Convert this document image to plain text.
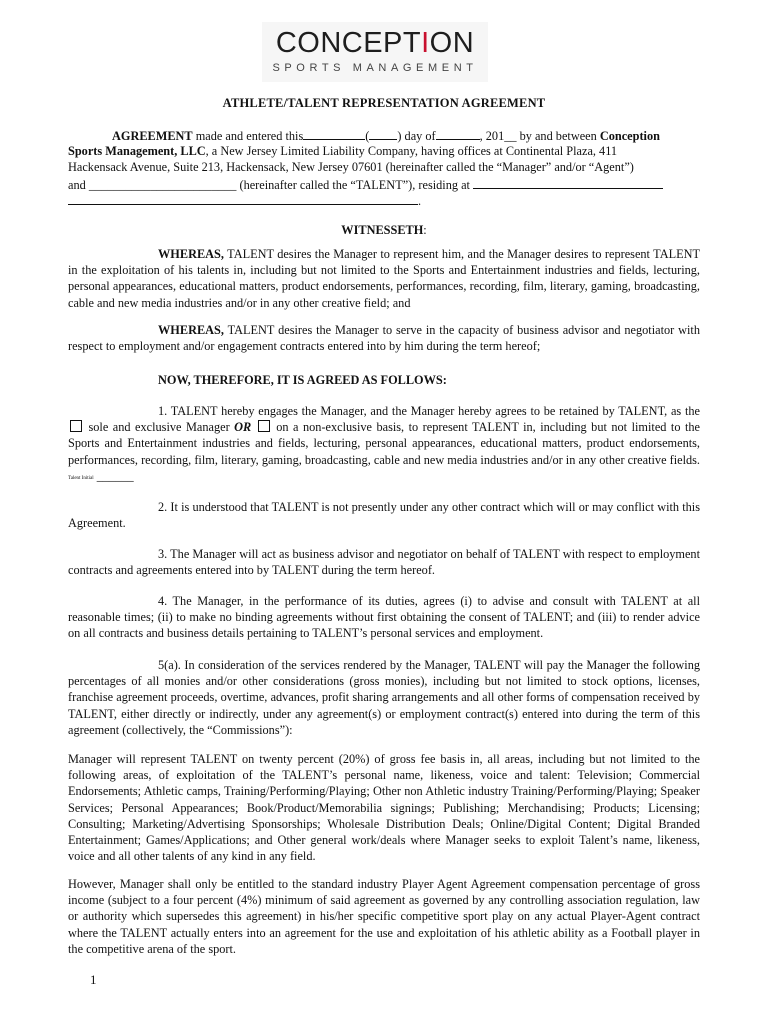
CONCEPTION
SPORTS MANAGEMENT
ATHLETE/TALENT REPRESENTATION AGREEMENT
AGREEMENT made and entered this	( ) day of	, 201__ by and between Conception
Sports Management, LLC, a New Jersey Limited Liability Company, having offices at Continental Plaza, 411
Hackensack Avenue, Suite 213, Hackensack, New Jersey 07601 (hereinafter called the “Manager” and/or “Agent”)
and ________________________ (hereinafter called the “TALENT”), residing at
.
WITNESSETH:
WHEREAS, TALENT desires the Manager to represent him, and the Manager desires to represent TALENT in the exploitation of his talents in, including but not limited to the Sports and Entertainment industries and fields, lecturing, personal appearances, educational matters, product endorsements, performances, recording, film, literary, gaming, broadcasting, cable and new media industries and/or in any other creative field; and
WHEREAS, TALENT desires the Manager to serve in the capacity of business advisor and negotiator with respect to employment and/or engagement contracts entered into by him during the term hereof;
NOW, THEREFORE, IT IS AGREED AS FOLLOWS:
1. TALENT hereby engages the Manager, and the Manager hereby agrees to be retained by TALENT, as the  sole and exclusive Manager OR  on a non-exclusive basis, to represent TALENT in, including but not limited to the Sports and Entertainment industries and fields, lecturing, personal appearances, educational matters, product endorsements, performances, recording, film, literary, gaming, broadcasting, cable and new media industries and/or in any other creative fields. Talent Initial ______
2. It is understood that TALENT is not presently under any other contract which will or may conflict with this Agreement.
3. The Manager will act as business advisor and negotiator on behalf of TALENT with respect to employment contracts and agreements entered into by TALENT during the term hereof.
4. The Manager, in the performance of its duties, agrees (i) to advise and consult with TALENT at all reasonable times; (ii) to make no binding agreements without first obtaining the consent of TALENT; and (iii) to render advice on all contracts and business details pertaining to TALENT’s personal services and employment.
5(a). In consideration of the services rendered by the Manager, TALENT will pay the Manager the following percentages of all monies and/or other considerations (gross monies), including but not limited to stock options, licenses, franchise agreement proceeds, overtime, advances, profit sharing arrangements and all other forms of compensation received by TALENT, either directly or indirectly, under any agreement(s) or employment contract(s) entered into during the term of this agreement (collectively, the “Commissions”):
Manager will represent TALENT on twenty percent (20%) of gross fee basis in, all areas, including but not limited to the following areas, of exploitation of the TALENT’s personal name, likeness, voice and talent: Television; Commercial Endorsements; Athletic camps, Training/Performing/Playing; Other non Athletic industry Training/Performing/Playing; Speaker Services; Personal Appearances; Book/Product/Memorabilia signings; Publishing; Merchandising; Products; Licensing; Consulting; Marketing/Advertising Sponsorships; Wholesale Distribution Deals; Online/Digital Content; Digital Branded Entertainment; Games/Applications; and Other general work/deals where Manager seeks to exploit Talent’s name, likeness, voice and all other talents of any kind in any field.
However, Manager shall only be entitled to the standard industry Player Agent Agreement compensation percentage of gross income (subject to a four percent (4%) minimum of said agreement as governed by any controlling association regulation, law or authority which supersedes this agreement) in his/her specific competitive sport play on any actual Player-Agent contract where the TALENT actually enters into an agreement for the use and exploitation of his athletic ability as a Football player in the competitive arena of the sport.
1
